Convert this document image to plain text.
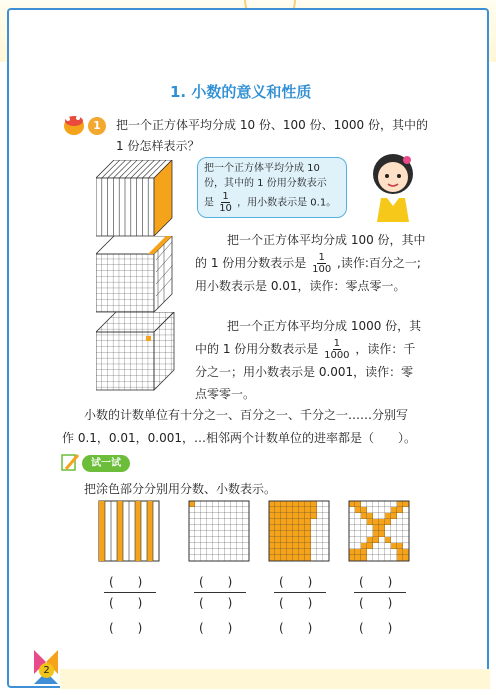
1. 小数的意义和性质
1	把一个正方体平均分成 10 份、100 份、1000 份，其中的
1 份怎样表示？
把一个正方体平均分成 10
份，其中的 1 份用分数表示
是 $\frac{1}{10}$ ，用小数表示是 0.1。
把一个正方体平均分成 100 份，其中
的 1 份用分数表示是 $\frac{1}{100}$ ,读作:百分之一;
用小数表示是 0.01，读作：零点零一。
把一个正方体平均分成 1000 份，其
中的 1 份用分数表示是 $\frac{1}{1000}$ ，读作：千
分之一；用小数表示是 0.001，读作：零
点零零一。
小数的计数单位有十分之一、百分之一、千分之一……分别写
作 0.1，0.01，0.001，…相邻两个计数单位的进率都是（　　）。
试一试
把涂色部分分别用分数、小数表示。
(　　)
(　　)
(　　)
(　　)
(　　)
(　　)
(　　)
(　　)
(　　)
(　　)
(　　)
(　　)
2
